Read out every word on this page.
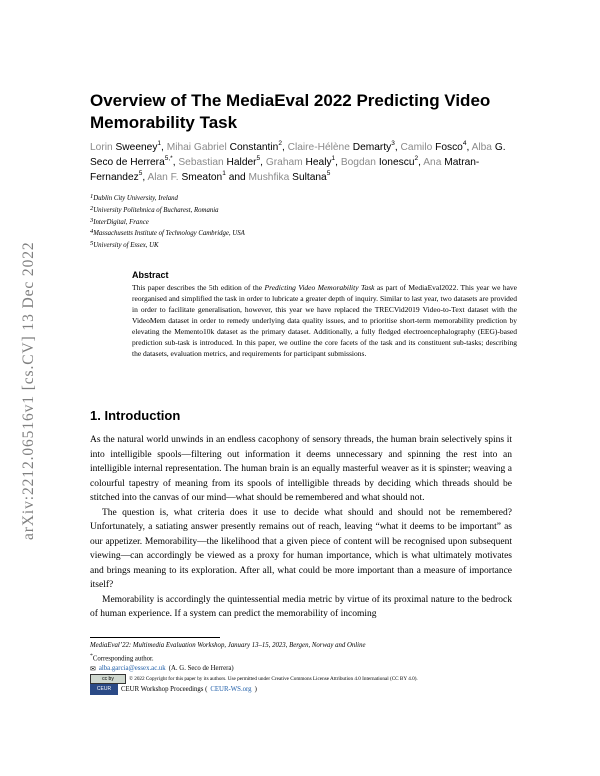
arXiv:2212.06516v1 [cs.CV] 13 Dec 2022
Overview of The MediaEval 2022 Predicting Video Memorability Task
Lorin Sweeney$^1$, Mihai Gabriel Constantin$^2$, Claire-Hélène Demarty$^3$, Camilo Fosco$^4$, Alba G. Seco de Herrera$^{5,*}$, Sebastian Halder$^5$, Graham Healy$^1$, Bogdan Ionescu$^2$, Ana Matran-Fernandez$^5$, Alan F. Smeaton$^1$ and Mushfika Sultana$^5$
$^1$Dublin City University, Ireland
$^2$University Politehnica of Bucharest, Romania
$^3$InterDigital, France
$^4$Massachusetts Institute of Technology Cambridge, USA
$^5$University of Essex, UK
Abstract
This paper describes the 5th edition of the Predicting Video Memorability Task as part of MediaEval2022. This year we have reorganised and simplified the task in order to lubricate a greater depth of inquiry. Similar to last year, two datasets are provided in order to facilitate generalisation, however, this year we have replaced the TRECVid2019 Video-to-Text dataset with the VideoMem dataset in order to remedy underlying data quality issues, and to prioritise short-term memorability prediction by elevating the Memento10k dataset as the primary dataset. Additionally, a fully fledged electroencephalography (EEG)-based prediction sub-task is introduced. In this paper, we outline the core facets of the task and its constituent sub-tasks; describing the datasets, evaluation metrics, and requirements for participant submissions.
1. Introduction

As the natural world unwinds in an endless cacophony of sensory threads, the human brain selectively spins it into intelligible spools—filtering out information it deems unnecessary and spinning the rest into an intelligible internal representation. The human brain is an equally masterful weaver as it is spinster; weaving a colourful tapestry of meaning from its spools of intelligible threads by deciding which threads should be stitched into the canvas of our mind—what should be remembered and what should not.

The question is, what criteria does it use to decide what should and should not be remembered? Unfortunately, a satiating answer presently remains out of reach, leaving “what it deems to be important” as our appetizer. Memorability—the likelihood that a given piece of content will be recognised upon subsequent viewing—can accordingly be viewed as a proxy for human importance, which is what ultimately motivates and brings meaning to its exploration. After all, what could be more important than a measure of importance itself?

Memorability is accordingly the quintessential media metric by virtue of its proximal nature to the bedrock of human experience. If a system can predict the memorability of incoming

MediaEval’22: Multimedia Evaluation Workshop, January 13–15, 2023, Bergen, Norway and Online
*Corresponding author.
✉ alba.garcia@essex.ac.uk (A. G. Seco de Herrera)
cc by	© 2022 Copyright for this paper by its authors. Use permitted under Creative Commons License Attribution 4.0 International (CC BY 4.0).
CEUR	CEUR Workshop Proceedings ( CEUR-WS.org )
